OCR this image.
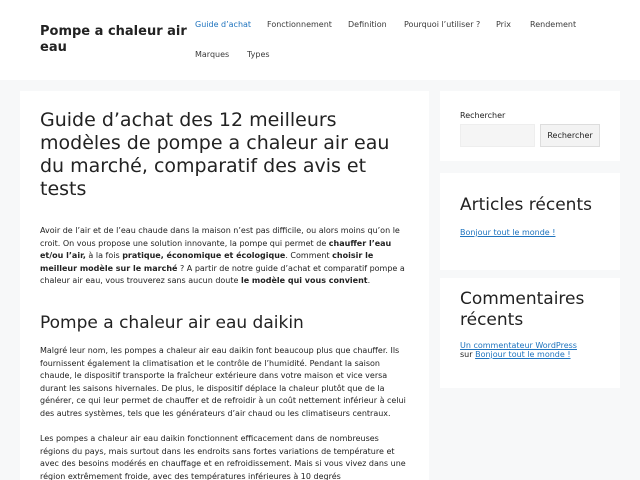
Pompe a chaleur air eau
Guide d’achat Fonctionnement Definition Pourquoi l’utiliser ? Prix Rendement
Marques Types
Guide d’achat des 12 meilleurs modèles de pompe a chaleur air eau du marché, comparatif des avis et tests

Avoir de l’air et de l’eau chaude dans la maison n’est pas difficile, ou alors moins qu’on le croit. On vous propose une solution innovante, la pompe qui permet de chauffer l’eau et/ou l’air, à la fois pratique, économique et écologique. Comment choisir le meilleur modèle sur le marché ? A partir de notre guide d’achat et comparatif pompe a chaleur air eau, vous trouverez sans aucun doute le modèle qui vous convient.

Pompe a chaleur air eau daikin

Malgré leur nom, les pompes a chaleur air eau daikin font beaucoup plus que chauffer. Ils fournissent également la climatisation et le contrôle de l’humidité. Pendant la saison chaude, le dispositif transporte la fraîcheur extérieure dans votre maison et vice versa durant les saisons hivernales. De plus, le dispositif déplace la chaleur plutôt que de la générer, ce qui leur permet de chauffer et de refroidir à un coût nettement inférieur à celui des autres systèmes, tels que les générateurs d’air chaud ou les climatiseurs centraux.

Les pompes a chaleur air eau daikin fonctionnent efficacement dans de nombreuses régions du pays, mais surtout dans les endroits sans fortes variations de température et avec des besoins modérés en chauffage et en refroidissement. Mais si vous vivez dans une région extrêmement froide, avec des températures inférieures à 10 degrés

Rechercher
Rechercher
Articles récents
Bonjour tout le monde !
Commentaires récents
Un commentateur WordPress
sur Bonjour tout le monde !
